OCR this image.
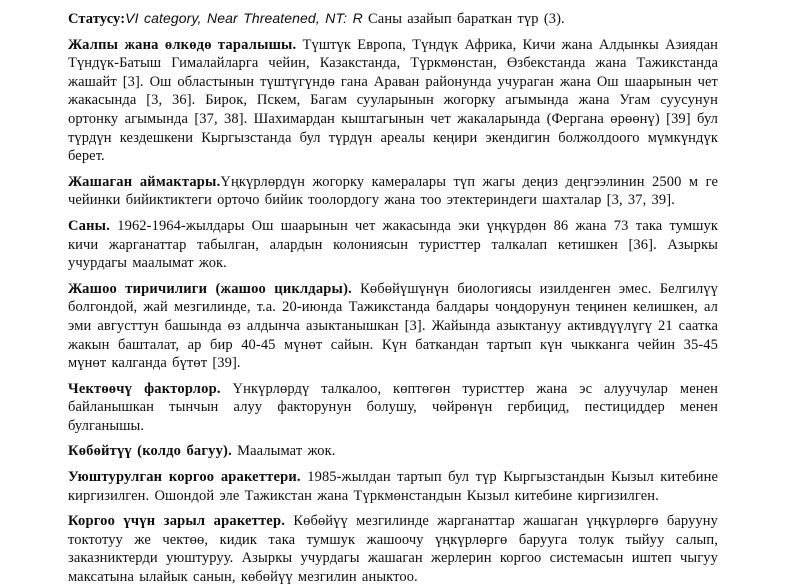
Статусу:VI category, Near Threatened, NT: R Саны азайып бараткан түр (3).

Жалпы жана өлкөдө таралышы. Түштүк Европа, Түндүк Африка, Кичи жана Алдынкы Азиядан Түндүк-Батыш Гималайларга чейин, Казакстанда, Түркмөнстан, Өзбекстанда жана Тажикстанда жашайт [3]. Ош областынын түштүгүндө гана Араван районунда учураган жана Ош шаарынын чет жакасында [3, 36]. Бирок, Пскем, Багам сууларынын жогорку агымында жана Угам суусунун ортонку агымында [37, 38]. Шахимардан кыштагынын чет жакаларында (Фергана өрөөнү) [39] бул түрдүн кездешкени Кыргызстанда бул түрдүн ареалы кеңири экендигин болжолдоого мүмкүндүк берет.

Жашаган аймактары.Үңкүрлөрдүн жогорку камералары түп жагы деңиз деңгээлинин 2500 м ге чейинки бийиктиктеги орточо бийик тоолордогу жана тоо этектериндеги шахталар [3, 37, 39].

Саны. 1962-1964-жылдары Ош шаарынын чет жакасында эки үңкүрдөн 86 жана 73 така тумшук кичи жарганаттар табылган, алардын колониясын туристтер талкалап кетишкен [36]. Азыркы учурдагы маалымат жок.

Жашоо тиричилиги (жашоо циклдары). Көбөйүшүнүн биологиясы изилденген эмес. Белгилүү болгондой, жай мезгилинде, т.а. 20-июнда Тажикстанда балдары чоңдорунун теңинен келишкен, ал эми августтун башында өз алдынча азыктанышкан [3]. Жайында азыктануу активдүүлүгү 21 саатка жакын башталат, ар бир 40-45 мүнөт сайын. Күн баткандан тартып күн чыкканга чейин 35-45 мүнөт калганда бүтөт [39].

Чектөөчү факторлор. Үнкүрлөрдү талкалоо, көптөгөн туристтер жана эс алуучулар менен байланышкан тынчын алуу факторунун болушу, чөйрөнүн гербицид, пестициддер менен булганышы.

Көбөйтүү (колдо багуу). Маалымат жок.

Уюштурулган коргоо аракеттери. 1985-жылдан тартып бул түр Кыргызстандын Кызыл китебине киргизилген. Ошондой эле Тажикстан жана Түркмөнстандын Кызыл китебине киргизилген.

Коргоо үчүн зарыл аракеттер. Көбөйүү мезгилинде жарганаттар жашаган үңкүрлөргө барууну токтотуу же чектөө, кидик така тумшук жашоочу үңкүрлөргө барууга толук тыйуу салып, заказниктерди уюштуруу. Азыркы учурдагы жашаган жерлерин коргоо системасын иштеп чыгуу максатына ылайык санын, көбөйүү мезгилин аныктоо.
